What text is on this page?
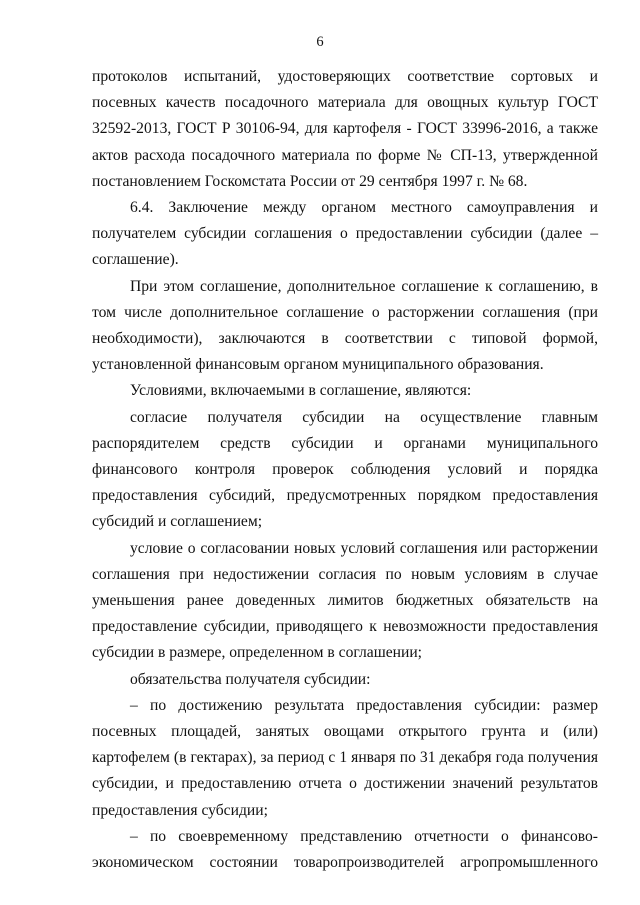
6

протоколов испытаний, удостоверяющих соответствие сортовых и посевных качеств посадочного материала для овощных культур ГОСТ 32592-2013, ГОСТ Р 30106-94, для картофеля - ГОСТ 33996-2016, а также актов расхода посадочного материала по форме № СП-13, утвержденной постановлением Госкомстата России от 29 сентября 1997 г. № 68.

6.4. Заключение между органом местного самоуправления и получателем субсидии соглашения о предоставлении субсидии (далее – соглашение).

При этом соглашение, дополнительное соглашение к соглашению, в том числе дополнительное соглашение о расторжении соглашения (при необходимости), заключаются в соответствии с типовой формой, установленной финансовым органом муниципального образования.

Условиями, включаемыми в соглашение, являются:

согласие получателя субсидии на осуществление главным распорядителем средств субсидии и органами муниципального финансового контроля проверок соблюдения условий и порядка предоставления субсидий, предусмотренных порядком предоставления субсидий и соглашением;

условие о согласовании новых условий соглашения или расторжении соглашения при недостижении согласия по новым условиям в случае уменьшения ранее доведенных лимитов бюджетных обязательств на предоставление субсидии, приводящего к невозможности предоставления субсидии в размере, определенном в соглашении;

обязательства получателя субсидии:

– по достижению результата предоставления субсидии: размер посевных площадей, занятых овощами открытого грунта и (или) картофелем (в гектарах), за период с 1 января по 31 декабря года получения субсидии, и предоставлению отчета о достижении значений результатов предоставления субсидии;

– по своевременному представлению отчетности о финансово-экономическом состоянии товаропроизводителей агропромышленного
